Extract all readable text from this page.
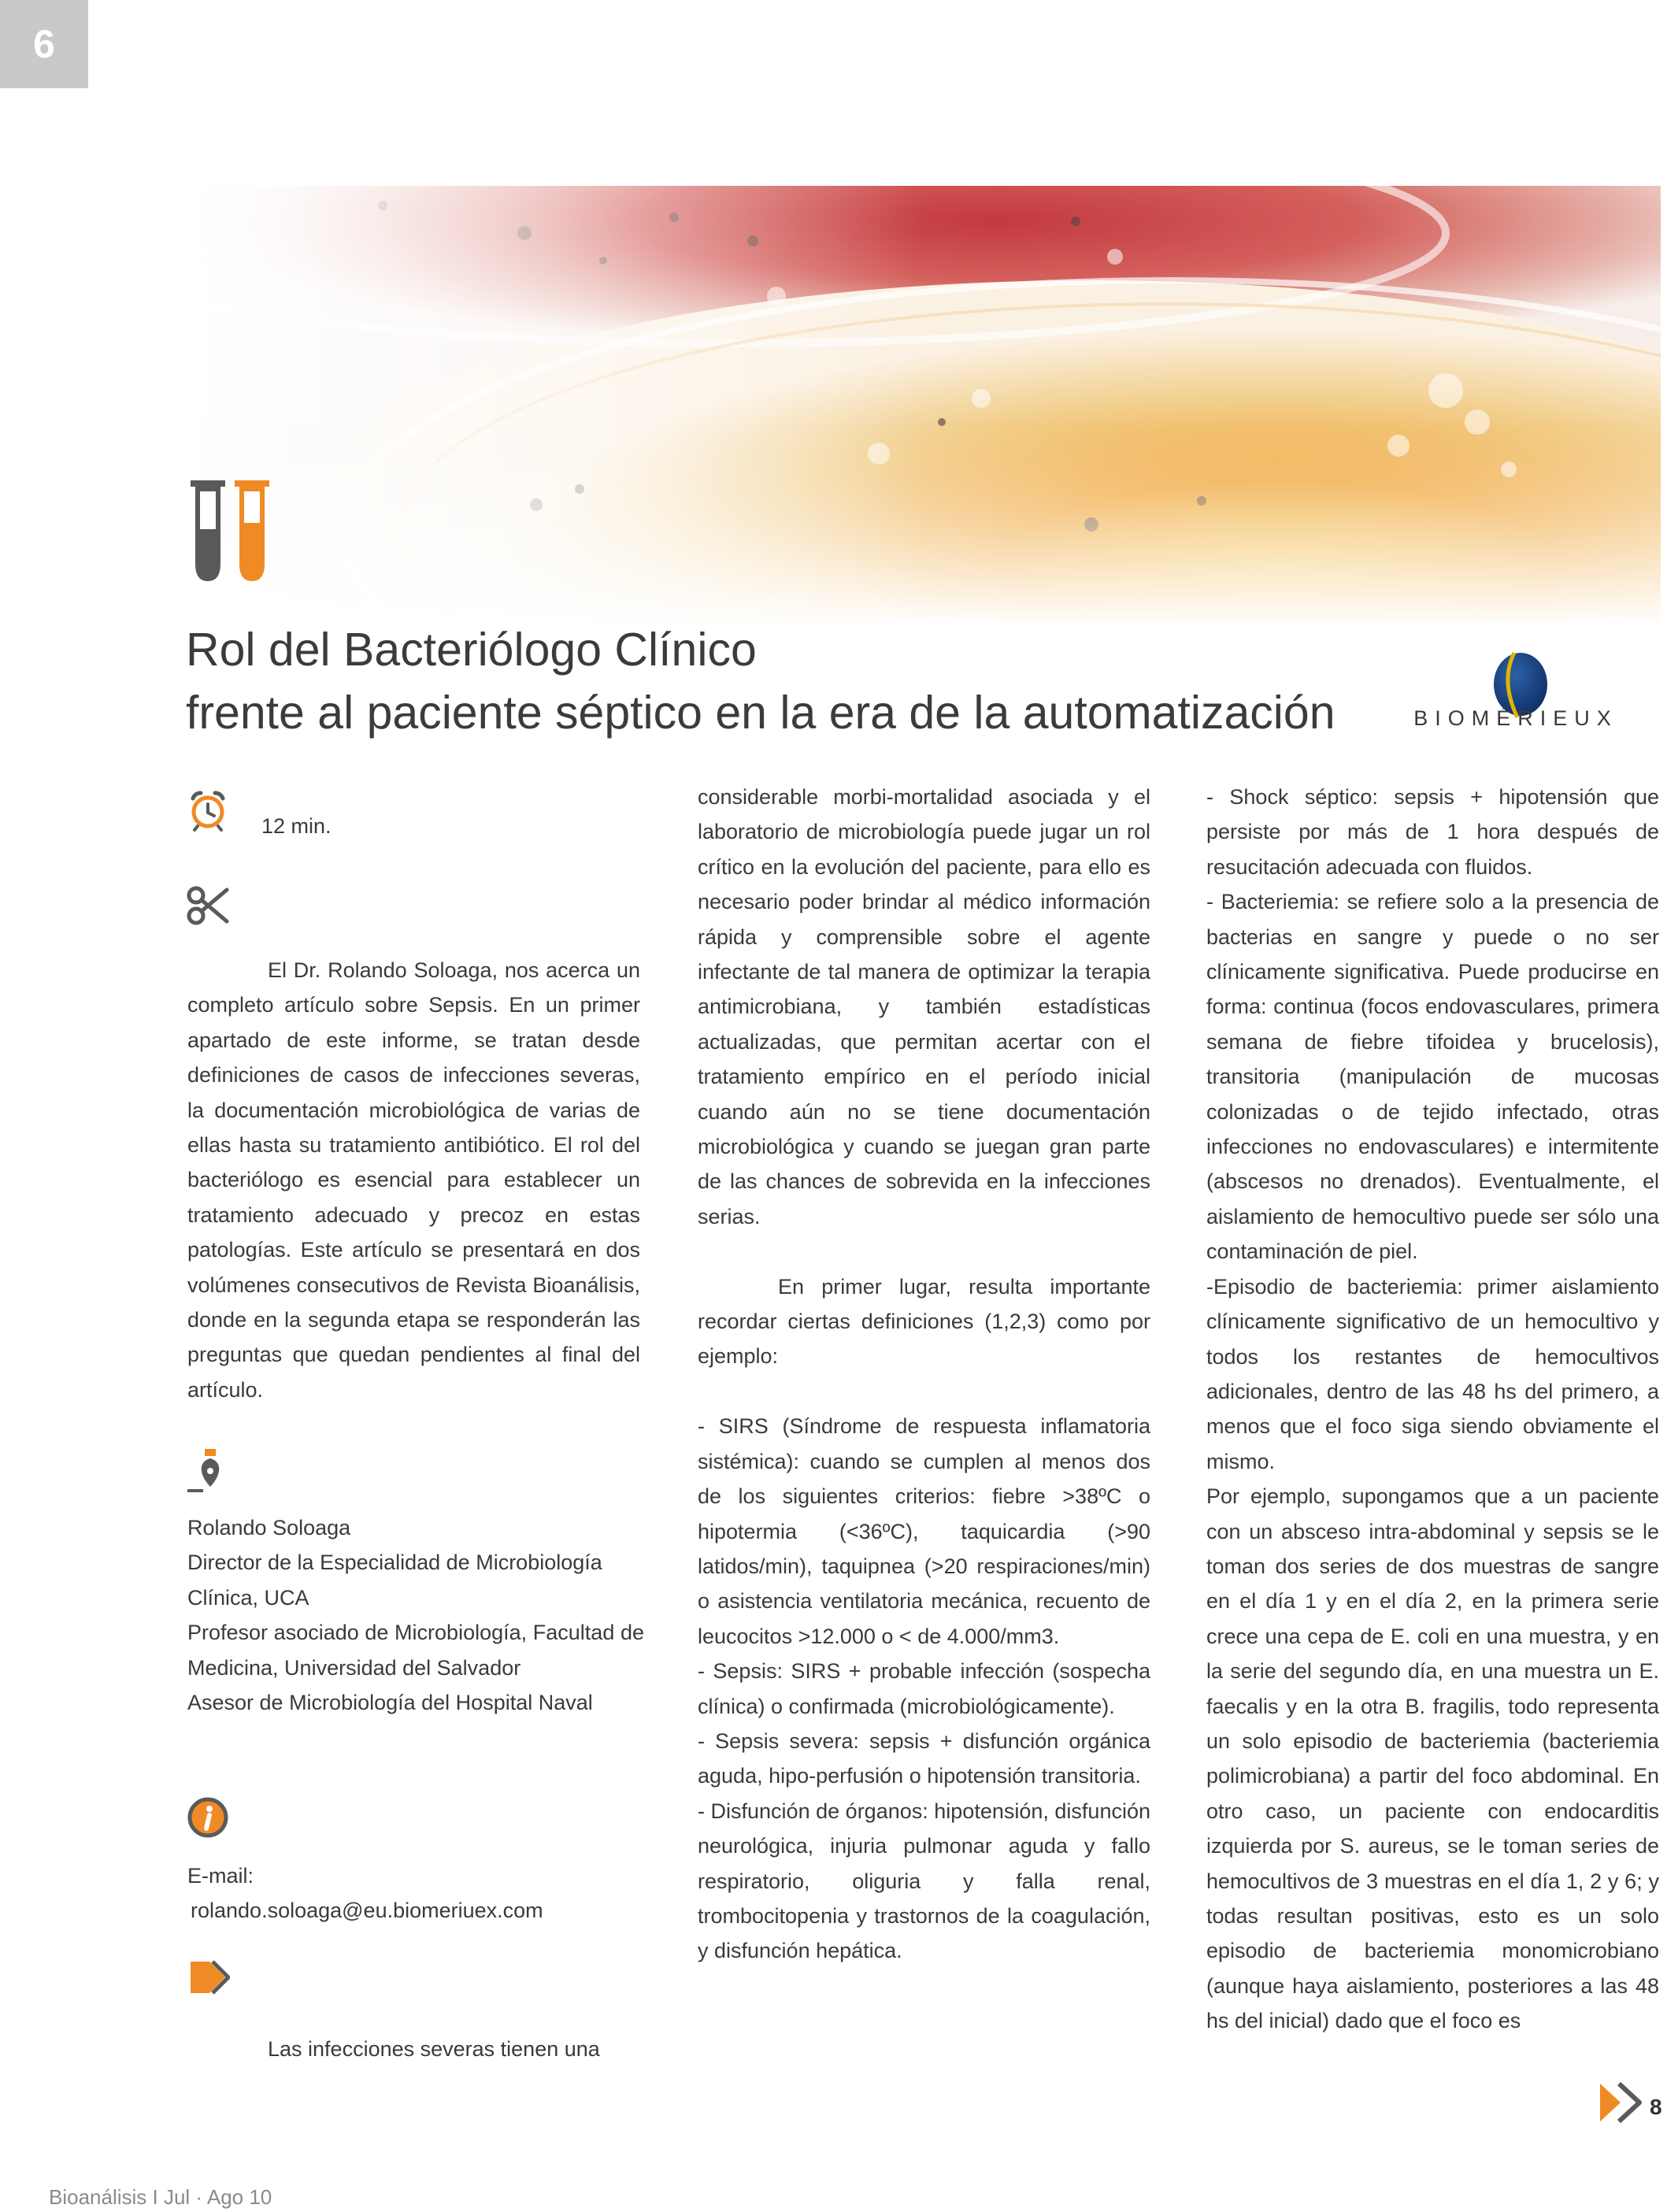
6
Rol del Bacteriólogo Clínico
frente al paciente séptico en la era de la automatización	BIOMÉRIEUX
12 min.

Rolando Soloaga

Director de la Especialidad de Microbiología Clínica, UCA

Profesor asociado de Microbiología, Facultad de Medicina, Universidad del Salvador

Asesor de Microbiología del Hospital Naval

E-mail:

rolando.soloaga@eu.biomeriuex.com

El Dr. Rolando Soloaga, nos acerca un completo artículo sobre Sepsis. En un primer apartado de este informe, se tratan desde definiciones de casos de infecciones severas, la documentación microbiológica de varias de ellas hasta su tratamiento antibiótico. El rol del bacteriólogo es esencial para establecer un tratamiento adecuado y precoz en estas patologías. Este artículo se presentará en dos volúmenes consecutivos de Revista Bioanálisis, donde en la segunda etapa se responderán las preguntas que quedan pendientes al final del artículo.

Las infecciones severas tienen una

considerable morbi-mortalidad asociada y el laboratorio de microbiología puede jugar un rol crítico en la evolución del paciente, para ello es necesario poder brindar al médico información rápida y comprensible sobre el agente infectante de tal manera de optimizar la terapia antimicrobiana, y también estadísticas actualizadas, que permitan acertar con el tratamiento empírico en el período inicial cuando aún no se tiene documentación microbiológica y cuando se juegan gran parte de las chances de sobrevida en la infecciones serias.

En primer lugar, resulta importante recordar ciertas definiciones (1,2,3) como por ejemplo:

- SIRS (Síndrome de respuesta inflamatoria sistémica): cuando se cumplen al menos dos de los siguientes criterios: fiebre >38ºC o hipotermia (<36ºC), taquicardia (>90 latidos/min), taquipnea (>20 respiraciones/min) o asistencia ventilatoria mecánica, recuento de leucocitos >12.000 o < de 4.000/mm3.

- Sepsis: SIRS + probable infección (sospecha clínica) o confirmada (microbiológicamente).

- Sepsis severa: sepsis + disfunción orgánica aguda, hipo-perfusión o hipotensión transitoria.

- Disfunción de órganos: hipotensión, disfunción neurológica, injuria pulmonar aguda y fallo respiratorio, oliguria y falla renal, trombocitopenia y trastornos de la coagulación, y disfunción hepática.

- Shock séptico: sepsis + hipotensión que persiste por más de 1 hora después de resucitación adecuada con fluidos.

- Bacteriemia: se refiere solo a la presencia de bacterias en sangre y puede o no ser clínicamente significativa. Puede producirse en forma: continua (focos endovasculares, primera semana de fiebre tifoidea y brucelosis), transitoria (manipulación de mucosas colonizadas o de tejido infectado, otras infecciones no endovasculares) e intermitente (abscesos no drenados). Eventualmente, el aislamiento de hemocultivo puede ser sólo una contaminación de piel.

-Episodio de bacteriemia: primer aislamiento clínicamente significativo de un hemocultivo y todos los restantes de hemocultivos adicionales, dentro de las 48 hs del primero, a menos que el foco siga siendo obviamente el mismo.

Por ejemplo, supongamos que a un paciente con un absceso intra-abdominal y sepsis se le toman dos series de dos muestras de sangre en el día 1 y en el día 2, en la primera serie crece una cepa de E. coli en una muestra, y en la serie del segundo día, en una muestra un E. faecalis y en la otra B. fragilis, todo representa un solo episodio de bacteriemia (bacteriemia polimicrobiana) a partir del foco abdominal. En otro caso, un paciente con endocarditis izquierda por S. aureus, se le toman series de hemocultivos de 3 muestras en el día 1, 2 y 6; y todas resultan positivas, esto es un solo episodio de bacteriemia monomicrobiano (aunque haya aislamiento, posteriores a las 48 hs del inicial) dado que el foco es

8
Bioanálisis I Jul · Ago 10
